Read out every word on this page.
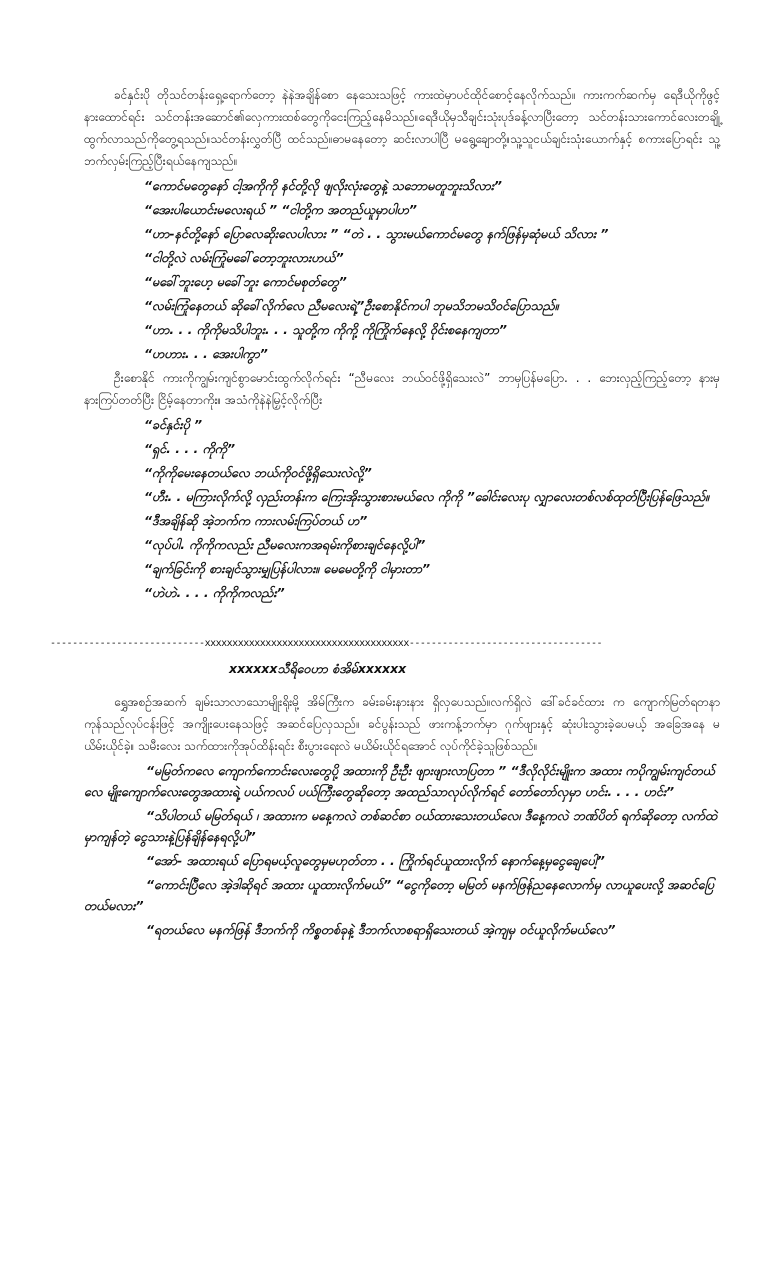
ခင်နှင်းပို တိုသင်တန်းရှေ့ရောက်တော့ နဲနဲအချိန်စော နေသေးသဖြင့် ကားထဲမှာပင်ထိုင်စောင့်နေလိုက်သည်။ ကားကက်ဆက်မှ ရေဒီယိုကိုဖွင့်နားထောင်ရင်း သင်တန်းအဆောင်၏လှေကားထစ်တွေကိုငေးကြည့်နေမိသည်။ရေဒီယိုမှသီချင်းသုံးပုဒ်ခန့်လာပြီးတော့ သင်တန်းသားကောင်လေးတချို့ ထွက်လာသည်ကိုတွေ့ရသည်။သင်တန်းလွှတ်ပြီ ထင်သည်။ဓာမနေတော့ ဆင်းလာပါပြီ မရွေ့ချောတို့။သူ့သူငယ်ချင်းသုံးယောက်နှင့် စကားပြောရင်း သူ့ဘက်လှမ်းကြည့်ပြီးရယ်နေကျသည်။

“ကောင်မတွေနော် ငါ့အကိုကို နင်တို့လို ဖျလိုးလုံးတွေနဲ့ သဘောမတူဘူးသိလား”

“အေးပါယောင်းမလေးရယ် ” “ငါတို့က အတည်ယူမှာပါဟ”

“ဟာ-နင်တို့နော် ပြောလေဆိုးလေပါလား ” “တဲ . . သွားမယ်ကောင်မတွေ နက်ဖြန်မှဆုံမယ် သိလား ”

“ငါတို့လဲ လမ်းကြုံမခေါ်တော့ဘူးလားဟယ်”

“မခေါ်ဘူးဟေ့ မခေါ်ဘူး ကောင်မစုတ်တွေ”

“လမ်းကြုံနေတယ် ဆိုခေါ်လိုက်လေ ညီမလေးရဲ့”ဦးစောနိုင်ကပါ ဘုမသိဘမသိဝင်ပြောသည်။

“ဟာ. . . ကိုကိုမသိပါဘူး. . . သူတို့က ကိုကို့ ကိုကြိုက်နေလို့ ဝိုင်းစနေကျတာ”

“ဟဟား. . . အေးပါကွာ”

ဦးစောနိုင် ကားကိုကျွမ်းကျင်စွာမောင်းထွက်လိုက်ရင်း “ညီမလေး ဘယ်ဝင်ဖို့ရှိသေးလဲ” ဘာမှပြန်မပြော. . . ဘေးလှည့်ကြည့်တော့ နားမှနားကြပ်တတ်ပြီး ငြိမ့်နေတာကိုး။ အသံကိုနဲနဲမြှင့်လိုက်ပြီး

“ခင်နှင်းပို ”

“ရှင်. . . . ကိုကို”

“ကိုကိုမေးနေတယ်လေ ဘယ်ကိုဝင်ဖို့ရှိသေးလဲလို့”

“ဟီး. . မကြားလိုက်လို့ လှည်းတန်းက ကြေးအိုးသွားစားမယ်လေ ကိုကို ”ခေါင်းလေးပု လျှာလေးတစ်လစ်ထုတ်ပြီးပြန်ဖြေသည်။

“ဒီအချိန်ဆို အဲ့ဘက်က ကားလမ်းကြပ်တယ် ဟ”

“လုပ်ပါ. ကိုကိုကလည်း ညီမလေးကအရမ်းကိုစားချင်နေလို့ပါ”

“ချက်ခြင်းကို စားချင်သွားမျှပြန်ပါလား။ မေမေတို့ကို ငါမှားတာ”

“ဟဲဟဲ. . . . ကိုကိုကလည်း”

----------------------------xxxxxxxxxxxxxxxxxxxxxxxxxxxxxxxxxxxxx-----------------------------------
xxxxxxသီရိဝေဟာ စံအိမ်xxxxxx

ရွှေအစဉ်အဆက် ချမ်းသာလာသောမျိုးရိုးမို့ အိမ်ကြီးက ခမ်းခမ်းနားနား ရှိလှပေသည်။လက်ရှိလဲ ဒေါ်ခင်ခင်ထား က ကျောက်မြတ်ရတနာ ကုန်သည်လုပ်ငန်းဖြင့် အကျိုးပေးနေသဖြင့် အဆင်ပြေလှသည်။ ခင်ပွန်းသည် ဖားကန့်ဘက်မှာ ဂုက်ဖျားနှင့် ဆုံးပါးသွားခဲ့ပေမယ့် အခြေအနေ မယိမ်းယိုင်ခဲ့။ သမီးလေး သက်ထားကိုအုပ်ထိန်းရင်း စီးပွားရေးလဲ မယိမ်းယိုင်ရအောင် လုပ်ကိုင်ခဲ့သူဖြစ်သည်။

“မမြတ်ကလေ ကျောက်ကောင်းလေးတွေပို့ အထားကို ဦးဦး ဖျားဖျားလာပြတာ ” “ဒီလိုလိုင်းမျိုးက အထား ကပိုကျွမ်းကျင်တယ်လေ မျိုးကျောက်လေးတွေအထားရဲ့ ပယ်ကလပ် ပယ်ကြီးတွေဆိုတော့ အထည်သာလုပ်လိုက်ရင် တော်တော်လှမှာ ဟင်း. . . . ဟင်း”

“သိပါတယ် မမြတ်ရယ် ၊ အထားက မနေ့ကလဲ တစ်ဆင်စာ ဝယ်ထားသေးတယ်လေ၊ ဒီနေ့ကလဲ ဘဏ်ပိတ် ရက်ဆိုတော့ လက်ထဲမှာကျန်တဲ့ ငွေသားနဲ့ပြန်ချိန်နေရလို့ပါ”

“အော်- အထားရယ် ပြောရမယ့်လူတွေမှမဟုတ်တာ . . ကြိုက်ရင်ယူထားလိုက် နောက်နေ့မှငွေချေပေါ့”

“ကောင်းပြီလေ အဲ့ဒါဆိုရင် အထား ယူထားလိုက်မယ်” “ငွေကိုတော့ မမြတ် မနက်ဖြန်ညနေလောက်မှ လာယူပေးလို့ အဆင်ပြေတယ်မလား”

“ရတယ်လေ မနက်ဖြန် ဒီဘက်ကို ကိစ္စတစ်ခုနဲ့ ဒီဘက်လာစရာရှိသေးတယ် အဲ့ကျမှ ဝင်ယူလိုက်မယ်လေ”
